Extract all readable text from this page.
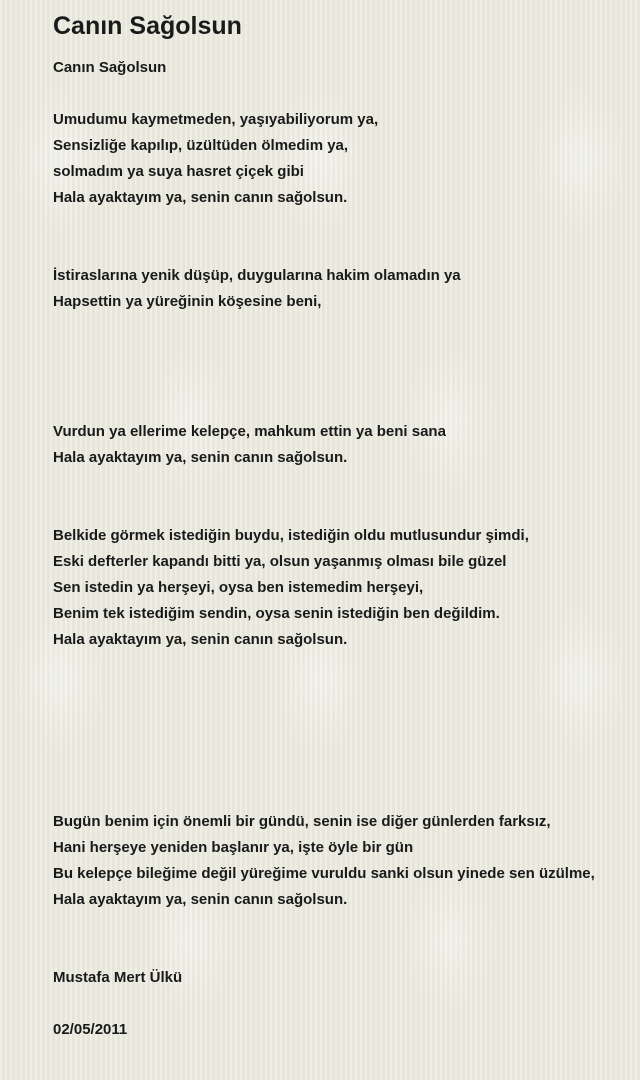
Canın Sağolsun
Canın Sağolsun
Umudumu kaymetmeden, yaşıyabiliyorum ya,
Sensizliğe kapılıp, üzültüden ölmedim ya,
solmadım ya suya hasret çiçek gibi
Hala ayaktayım ya, senin canın sağolsun.
İstiraslarına yenik düşüp, duygularına hakim olamadın ya
Hapsettin ya yüreğinin köşesine beni,
Vurdun ya ellerime kelepçe, mahkum ettin ya beni sana
Hala ayaktayım ya, senin canın sağolsun.
Belkide görmek istediğin buydu, istediğin oldu mutlusundur şimdi,
Eski defterler kapandı bitti ya, olsun yaşanmış olması bile güzel
Sen istedin ya herşeyi, oysa ben istemedim herşeyi,
Benim tek istediğim sendin, oysa senin istediğin ben değildim.
Hala ayaktayım ya, senin canın sağolsun.
Bugün benim için önemli bir gündü, senin ise diğer günlerden farksız,
Hani herşeye yeniden başlanır ya, işte öyle bir gün
Bu kelepçe bileğime değil yüreğime vuruldu sanki olsun yinede sen üzülme,
Hala ayaktayım ya, senin canın sağolsun.
Mustafa Mert Ülkü
02/05/2011
